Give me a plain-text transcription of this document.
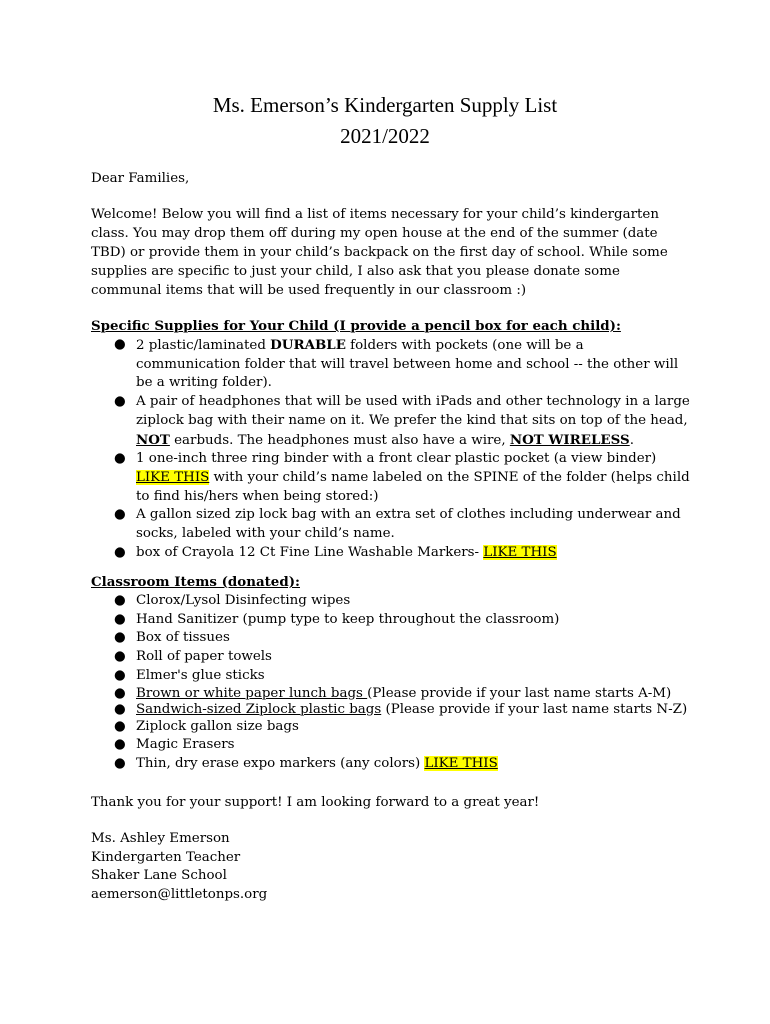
Ms. Emerson’s Kindergarten Supply List
2021/2022
Dear Families,
Welcome! Below you will find a list of items necessary for your child’s kindergarten class. You may drop them off during my open house at the end of the summer (date TBD) or provide them in your child’s backpack on the first day of school. While some supplies are specific to just your child, I also ask that you please donate some communal items that will be used frequently in our classroom :)
Specific Supplies for Your Child (I provide a pencil box for each child):
● 2 plastic/laminated DURABLE folders with pockets (one will be a communication folder that will travel between home and school -- the other will be a writing folder).
● A pair of headphones that will be used with iPads and other technology in a large ziplock bag with their name on it. We prefer the kind that sits on top of the head, NOT earbuds. The headphones must also have a wire, NOT WIRELESS.
● 1 one-inch three ring binder with a front clear plastic pocket (a view binder) LIKE THIS with your child’s name labeled on the SPINE of the folder (helps child to find his/hers when being stored:)
● A gallon sized zip lock bag with an extra set of clothes including underwear and socks, labeled with your child’s name.
● box of Crayola 12 Ct Fine Line Washable Markers- LIKE THIS
Classroom Items (donated):
● Clorox/Lysol Disinfecting wipes
● Hand Sanitizer (pump type to keep throughout the classroom)
● Box of tissues
● Roll of paper towels
● Elmer's glue sticks
● Brown or white paper lunch bags (Please provide if your last name starts A-M)
● Sandwich-sized Ziplock plastic bags (Please provide if your last name starts N-Z)
● Ziplock gallon size bags
● Magic Erasers
● Thin, dry erase expo markers (any colors) LIKE THIS
Thank you for your support! I am looking forward to a great year!
Ms. Ashley Emerson
Kindergarten Teacher
Shaker Lane School
aemerson@littletonps.org
